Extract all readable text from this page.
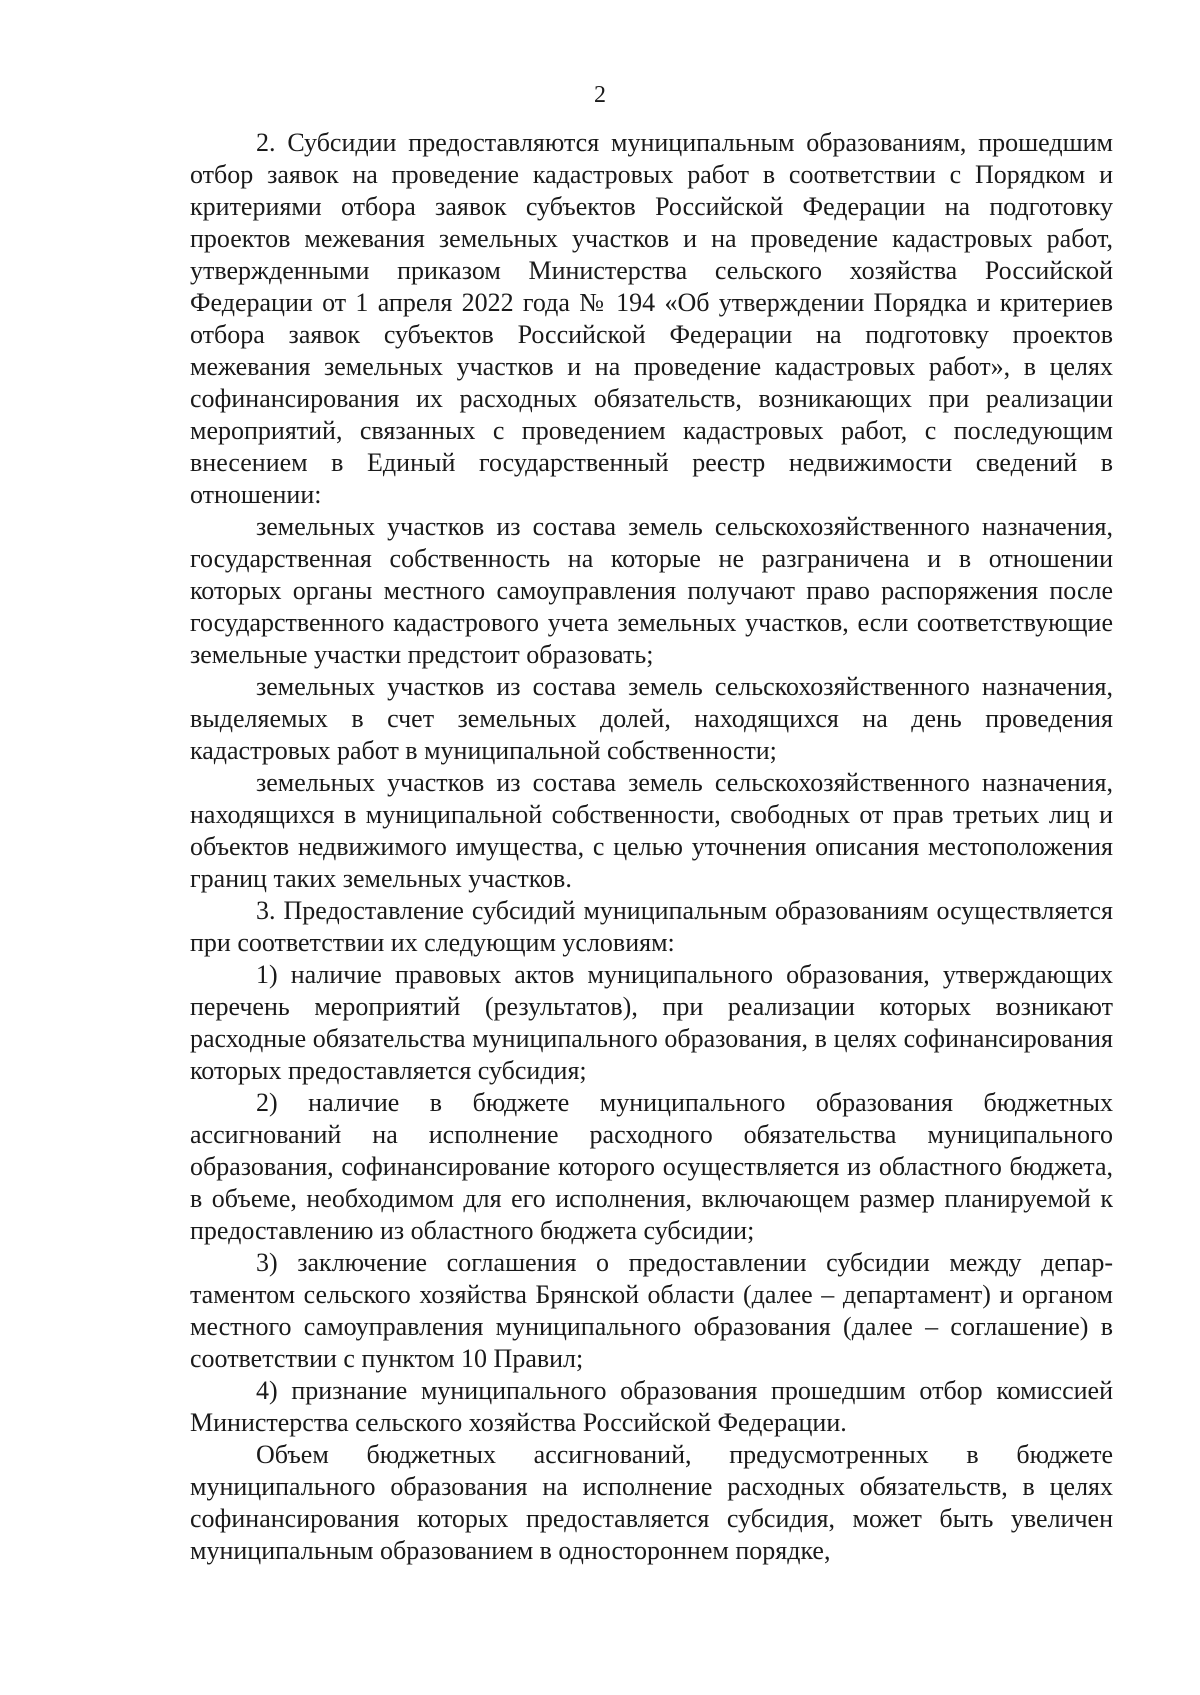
2

2. Субсидии предоставляются муниципальным образованиям, прошедшим отбор заявок на проведение кадастровых работ в соответствии с Порядком и критериями отбора заявок субъектов Российской Федерации на подготовку проектов межевания земельных участков и на проведение кадастровых работ, утвержденными приказом Министерства сельского хозяйства Российской Федерации от 1 апреля 2022 года № 194 «Об утверждении Порядка и критериев отбора заявок субъектов Российской Федерации на подготовку проектов межевания земельных участков и на проведение кадастровых работ», в целях софинансирования их расходных обязательств, возникающих при реализации мероприятий, связанных с проведением кадастровых работ, с последующим внесением в Единый государственный реестр недвижимости сведений в отношении:

земельных участков из состава земель сельскохозяйственного назначения, государственная собственность на которые не разграничена и в отношении которых органы местного самоуправления получают право распоряжения после государственного кадастрового учета земельных участков, если соответствующие земельные участки предстоит образовать;

земельных участков из состава земель сельскохозяйственного назначения, выделяемых в счет земельных долей, находящихся на день проведения кадастровых работ в муниципальной собственности;

земельных участков из состава земель сельскохозяйственного назначения, находящихся в муниципальной собственности, свободных от прав третьих лиц и объектов недвижимого имущества, с целью уточнения описания местоположения границ таких земельных участков.

3. Предоставление субсидий муниципальным образованиям осуществляется при соответствии их следующим условиям:

1) наличие правовых актов муниципального образования, утверждающих перечень мероприятий (результатов), при реализации которых возникают расходные обязательства муниципального образования, в целях софинансирования которых предоставляется субсидия;

2) наличие в бюджете муниципального образования бюджетных ассигнований на исполнение расходного обязательства муниципального образования, софинансирование которого осуществляется из областного бюджета, в объеме, необходимом для его исполнения, включающем размер планируемой к предоставлению из областного бюджета субсидии;

3) заключение соглашения о предоставлении субсидии между департаментом сельского хозяйства Брянской области (далее – департамент) и органом местного самоуправления муниципального образования (далее – соглашение) в соответствии с пунктом 10 Правил;

4) признание муниципального образования прошедшим отбор комиссией Министерства сельского хозяйства Российской Федерации.

Объем бюджетных ассигнований, предусмотренных в бюджете муниципального образования на исполнение расходных обязательств, в целях софинансирования которых предоставляется субсидия, может быть увеличен муниципальным образованием в одностороннем порядке,
